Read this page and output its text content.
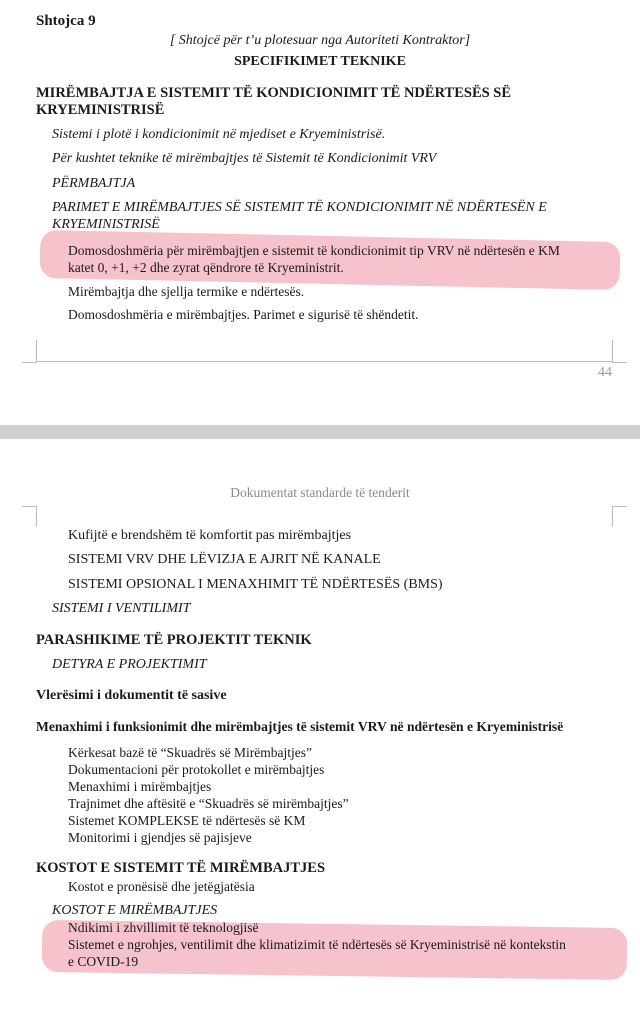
Shtojca 9
[ Shtojcë për t’u plotesuar nga Autoriteti Kontraktor]
SPECIFIKIMET TEKNIKE
MIRËMBAJTJA E SISTEMIT TË KONDICIONIMIT TË NDËRTESËS SË
KRYEMINISTRISË
Sistemi i plotë i kondicionimit në mjediset e Kryeministrisë.
Për kushtet teknike të mirëmbajtjes të Sistemit të Kondicionimit VRV
PËRMBAJTJA
PARIMET E MIRËMBAJTJES SË SISTEMIT TË KONDICIONIMIT NË NDËRTESËN E
KRYEMINISTRISË
Domosdoshmëria për mirëmbajtjen e sistemit të kondicionimit tip VRV në ndërtesën e KM
katet 0, +1, +2 dhe zyrat qëndrore të Kryeministrit.
Mirëmbajtja dhe sjellja termike e ndërtesës.
Domosdoshmëria e mirëmbajtjes. Parimet e sigurisë të shëndetit.
44
Dokumentat standarde të tenderit
Kufijtë e brendshëm të komfortit pas mirëmbajtjes
SISTEMI VRV DHE LËVIZJA E AJRIT NË KANALE
SISTEMI OPSIONAL I MENAXHIMIT TË NDËRTESËS (BMS)
SISTEMI I VENTILIMIT
PARASHIKIME TË PROJEKTIT TEKNIK
DETYRA E PROJEKTIMIT
Vlerësimi i dokumentit të sasive
Menaxhimi i funksionimit dhe mirëmbajtjes të sistemit VRV në ndërtesën e Kryeministrisë
Kërkesat bazë të “Skuadrës së Mirëmbajtjes”
Dokumentacioni për protokollet e mirëmbajtjes
Menaxhimi i mirëmbajtjes
Trajnimet dhe aftësitë e “Skuadrës së mirëmbajtjes”
Sistemet KOMPLEKSE të ndërtesës së KM
Monitorimi i gjendjes së pajisjeve
KOSTOT E SISTEMIT TË MIRËMBAJTJES
Kostot e pronësisë dhe jetëgjatësia
KOSTOT E MIRËMBAJTJES
Ndikimi i zhvillimit të teknologjisë
Sistemet e ngrohjes, ventilimit dhe klimatizimit të ndërtesës së Kryeministrisë në kontekstin
e COVID-19
